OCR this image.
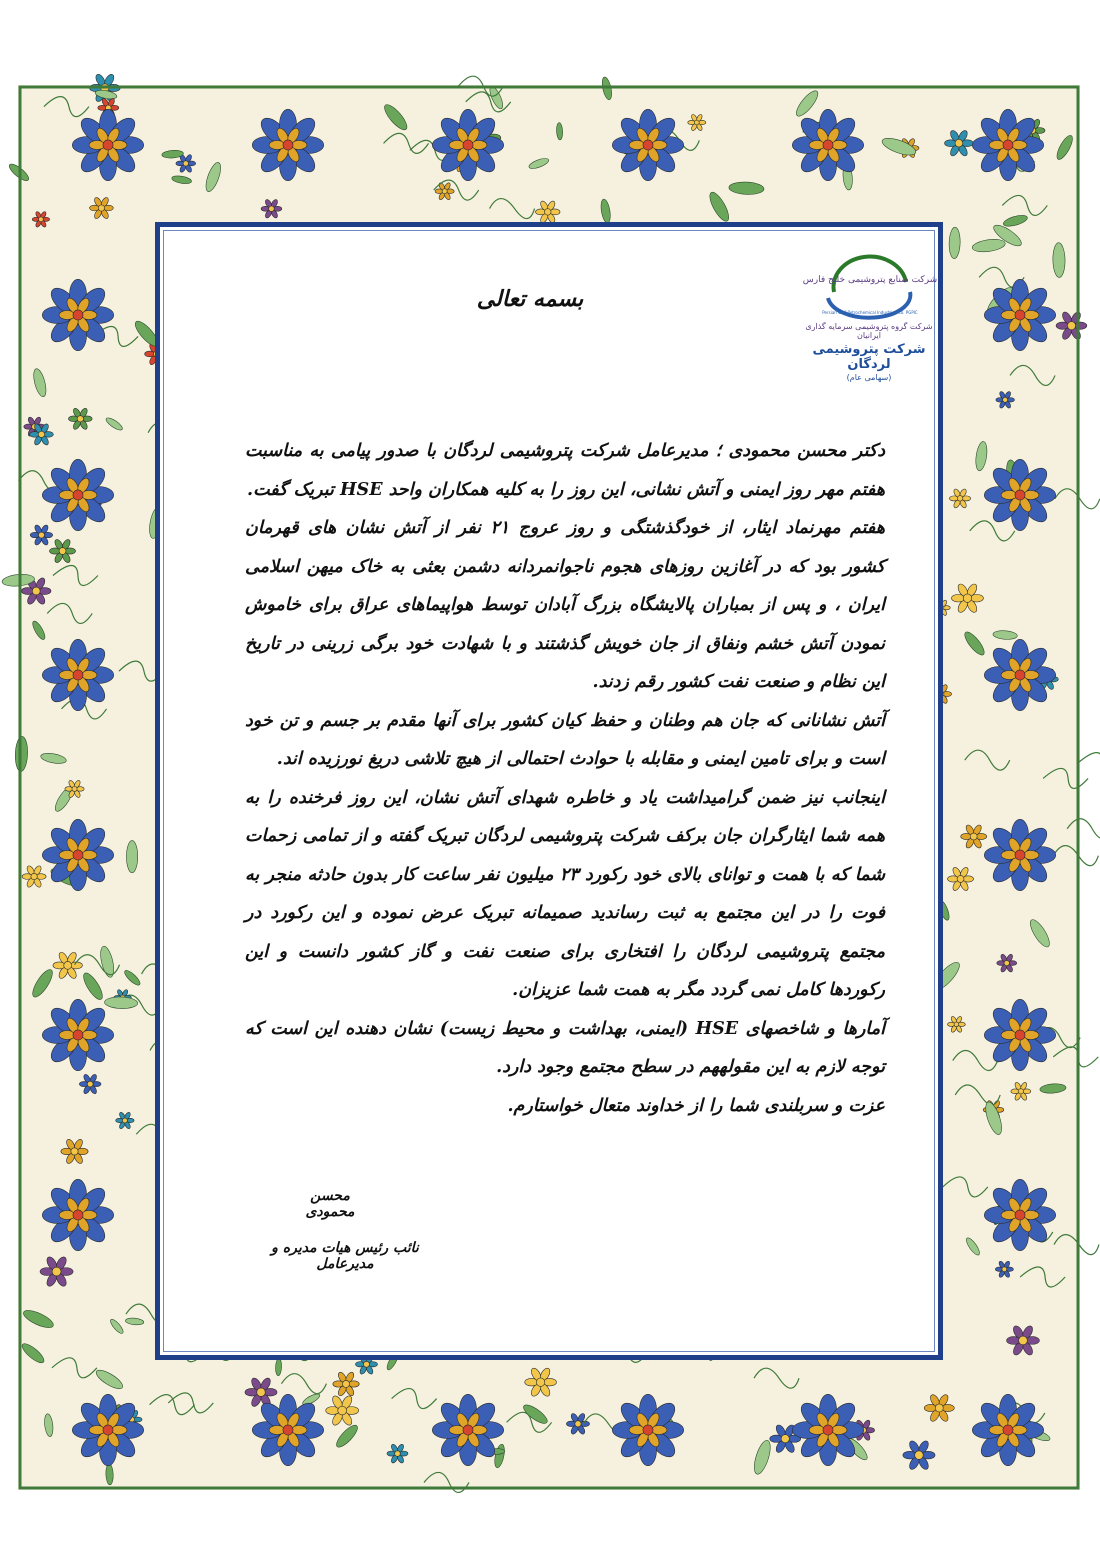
شرکت صنایع پتروشیمی خلیج فارس
Persian Gulf Petrochemical Industries Co. PGPIC
شرکت گروه پتروشیمی سرمایه گذاری ایرانیان
شرکت پتروشیمی لردگان
(سهامی عام)
بسمه تعالی

دکتر محسن محمودی ؛ مدیرعامل شرکت پتروشیمی لردگان با صدور پیامی به مناسبت هفتم مهر روز ایمنی و آتش نشانی، این روز را به کلیه همکاران واحد HSE تبریک گفت.

هفتم مهرنماد ایثار، از خودگذشتگی و روز عروج ۲۱ نفر از آتش نشان های قهرمان کشور بود که در آغازین روزهای هجوم ناجوانمردانه دشمن بعثی به خاک میهن اسلامی ایران ، و پس از بمباران پالایشگاه بزرگ آبادان توسط هواپیماهای عراق برای خاموش نمودن آتش خشم ونفاق از جان خویش گذشتند و با شهادت خود برگی زرینی در تاریخ این نظام و صنعت نفت کشور رقم زدند.

آتش نشانانی که جان هم وطنان و حفظ کیان کشور برای آنها مقدم بر جسم و تن خود است و برای تامین ایمنی و مقابله با حوادث احتمالی از هیچ تلاشی دریغ نورزیده اند.

اینجانب نیز ضمن گرامیداشت یاد و خاطره شهدای آتش نشان، این روز فرخنده را به همه شما ایثارگران جان برکف شرکت پتروشیمی لردگان تبریک گفته و از تمامی زحمات شما که با همت و توانای بالای خود رکورد ۲۳ میلیون نفر ساعت کار بدون حادثه منجر به فوت را در این مجتمع به ثبت رساندید صمیمانه تبریک عرض نموده و این رکورد در مجتمع پتروشیمی لردگان را افتخاری برای صنعت نفت و گاز کشور دانست و این رکوردها کامل نمی گردد مگر به همت شما عزیزان.

آمارها و شاخصهای HSE (ایمنی، بهداشت و محیط زیست) نشان دهنده این است که توجه لازم به این مقولههم در سطح مجتمع وجود دارد.

عزت و سربلندی شما را از خداوند متعال خواستارم.

محسن محمودی
نائب رئیس هیات مدیره و مدیرعامل
